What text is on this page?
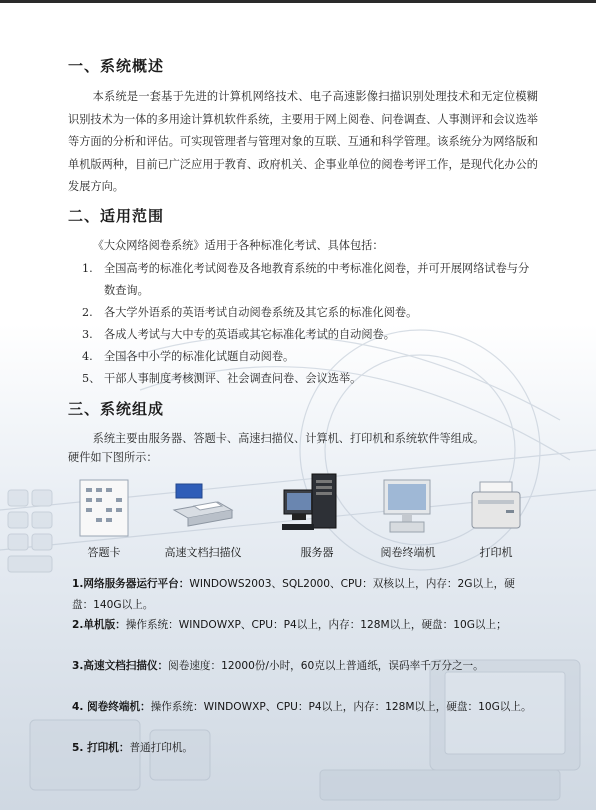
一、系统概述

本系统是一套基于先进的计算机网络技术、电子高速影像扫描识别处理技术和无定位模糊识别技术为一体的多用途计算机软件系统，主要用于网上阅卷、问卷调查、人事测评和会议选举等方面的分析和评估。可实现管理者与管理对象的互联、互通和科学管理。该系统分为网络版和单机版两种，目前已广泛应用于教育、政府机关、企事业单位的阅卷考评工作，是现代化办公的发展方向。

二、适用范围

《大众网络阅卷系统》适用于各种标准化考试、具体包括：

1. 全国高考的标准化考试阅卷及各地教育系统的中考标准化阅卷，并可开展网络试卷与分数查询。
2. 各大学外语系的英语考试自动阅卷系统及其它系的标准化阅卷。
3. 各成人考试与大中专的英语或其它标准化考试的自动阅卷。
4. 全国各中小学的标准化试题自动阅卷。
5、 干部人事制度考核测评、社会调查问卷、会议选举。
三、系统组成

系统主要由服务器、答题卡、高速扫描仪、计算机、打印机和系统软件等组成。

硬件如下图所示：

答题卡	高速文档扫描仪	服务器	阅卷终端机	打印机
1.网络服务器运行平台：WINDOWS2003、SQL2000、CPU：双核以上，内存：2G以上，硬盘：140G以上。
2.单机版：操作系统：WINDOWXP、CPU：P4以上，内存：128M以上，硬盘：10G以上；
3.高速文档扫描仪：阅卷速度：12000份/小时，60克以上普通纸，误码率千万分之一。
4. 阅卷终端机：操作系统：WINDOWXP、CPU：P4以上，内存：128M以上，硬盘：10G以上。
5. 打印机：普通打印机。
